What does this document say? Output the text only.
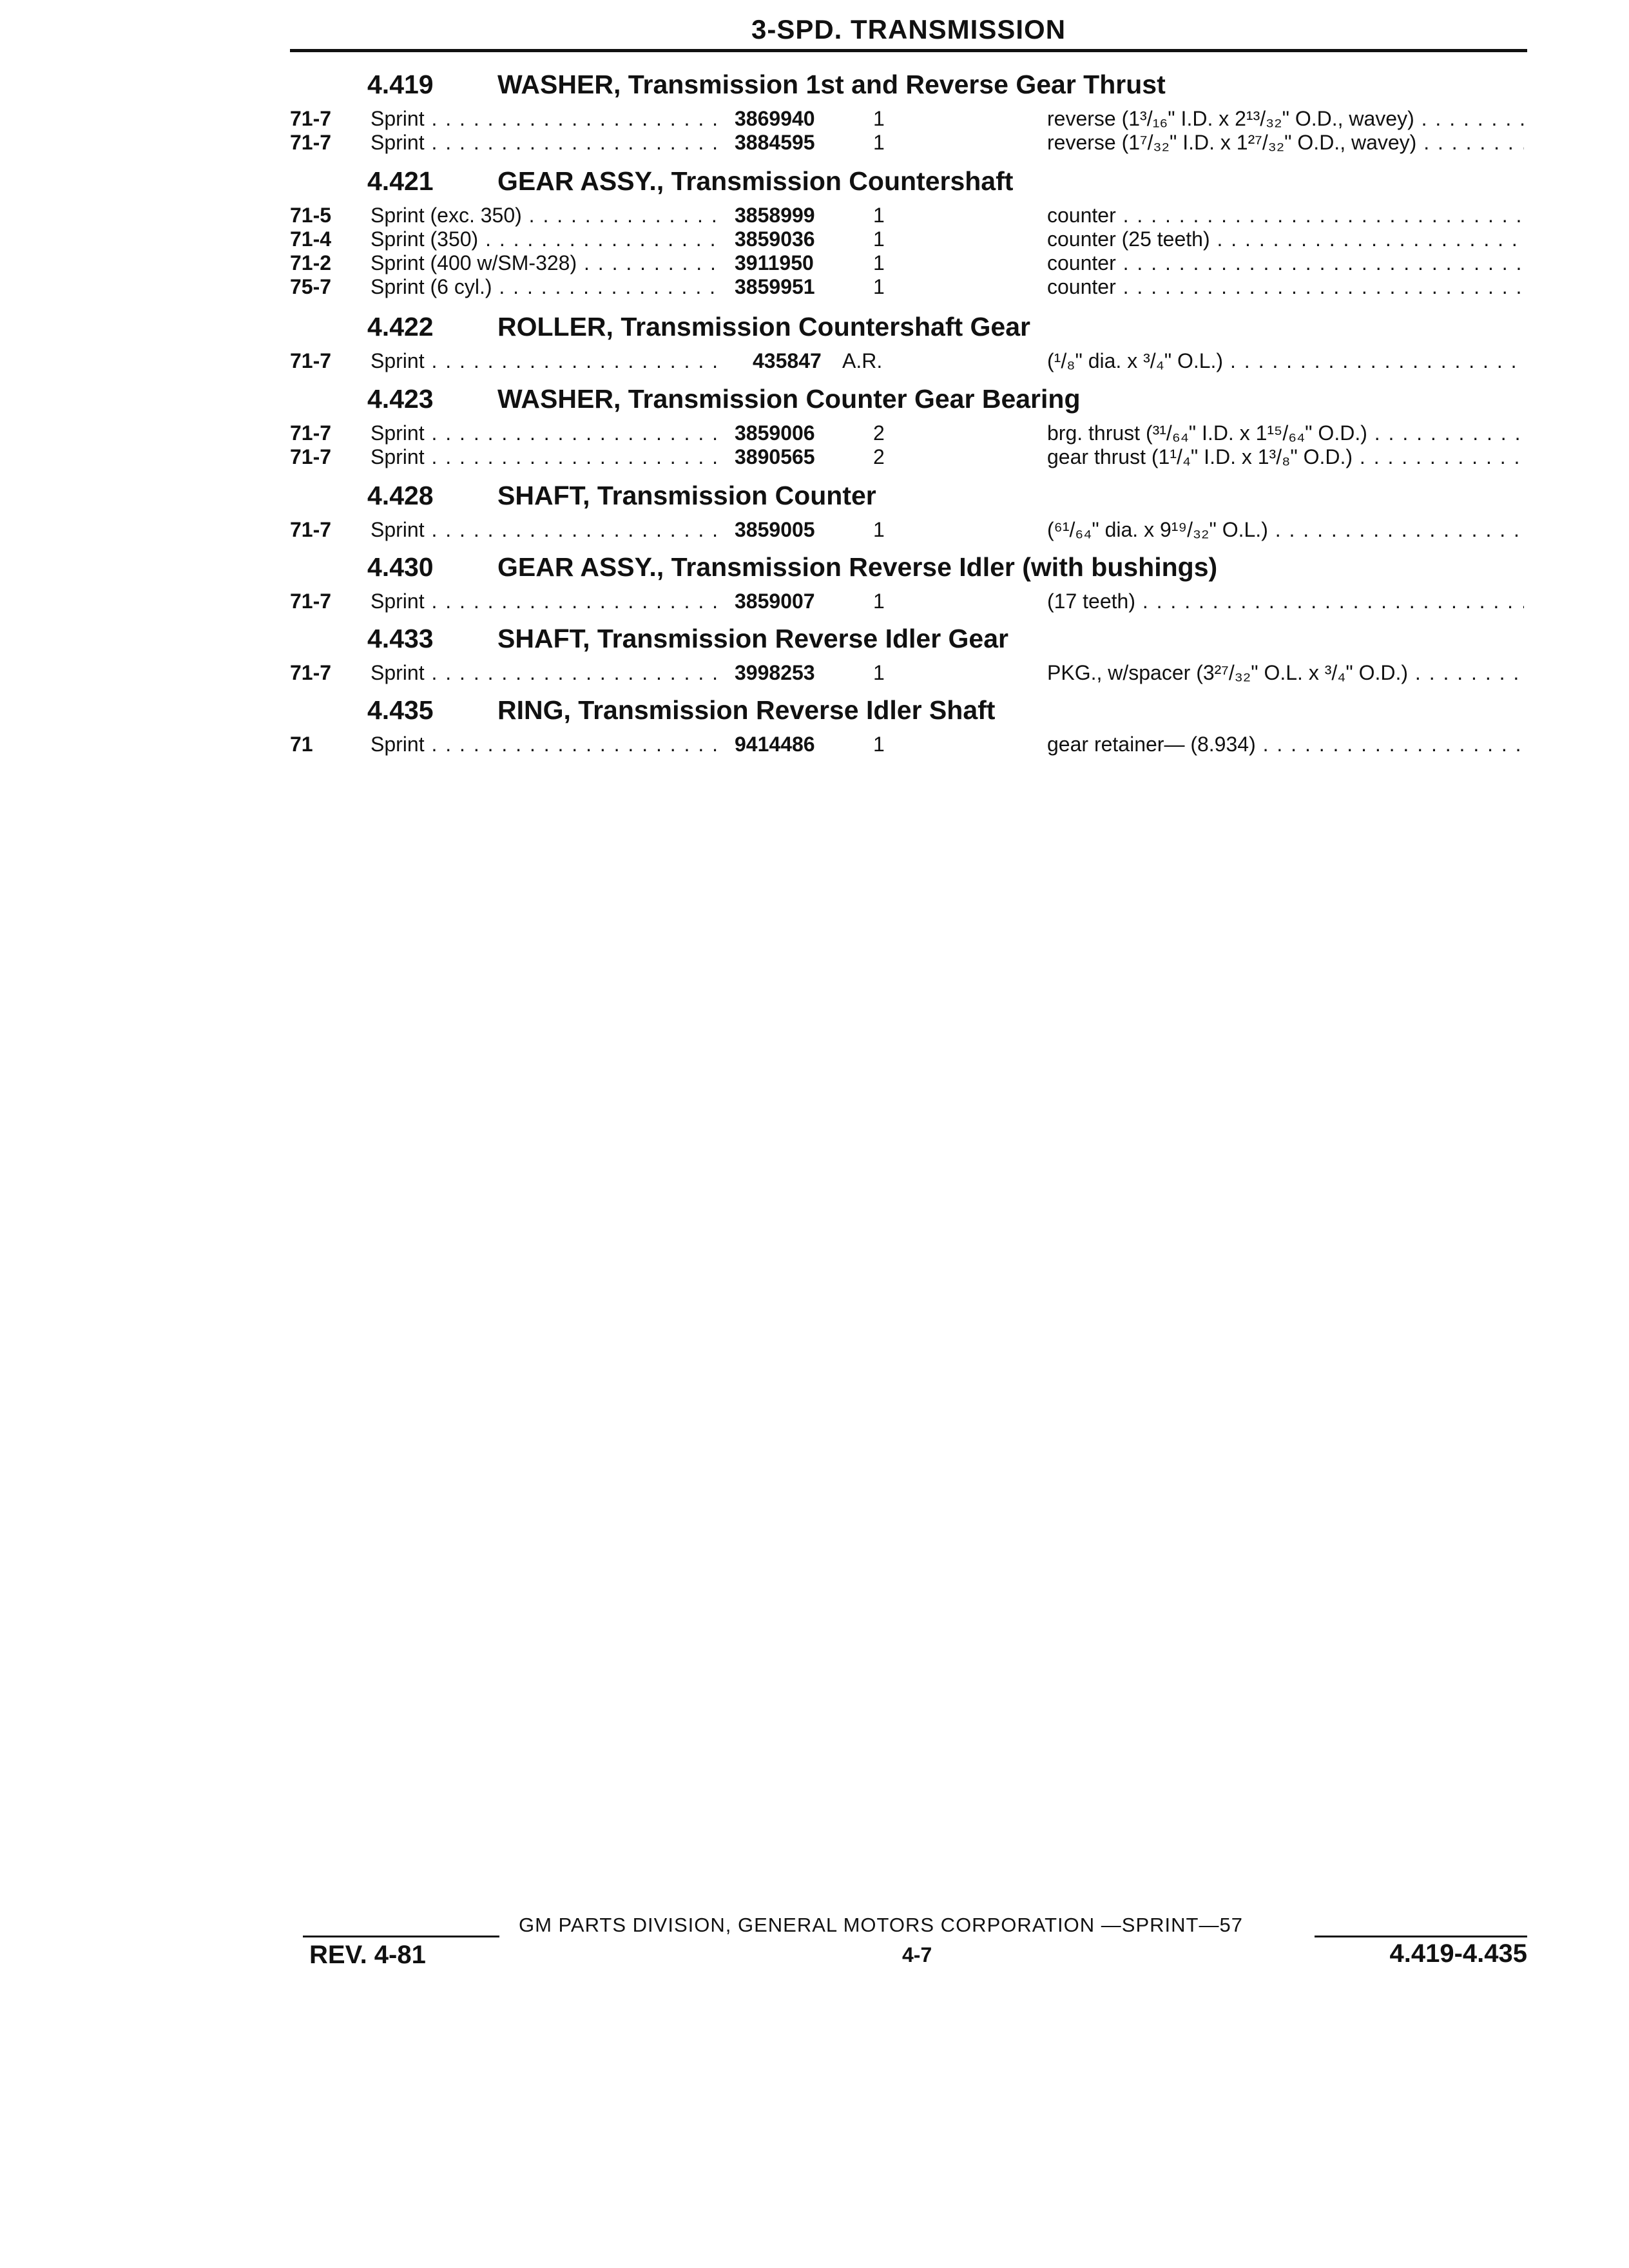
3-SPD. TRANSMISSION
4.419 WASHER, Transmission 1st and Reverse Gear Thrust
71-7 Sprint . . .	3869940	1	reverse (1³/₁₆" I.D. x 2¹³/₃₂" O.D., wavey) . . .
71-7 Sprint . . .	3884595	1	reverse (1⁷/₃₂" I.D. x 1²⁷/₃₂" O.D., wavey) . . .
4.421 GEAR ASSY., Transmission Countershaft
71-5 Sprint (exc. 350) . . .	3858999	1	counter . . .
71-4 Sprint (350) . . .	3859036	1	counter (25 teeth) . . .
71-2 Sprint (400 w/SM-328) . . .	3911950	1	counter . . .
75-7 Sprint (6 cyl.) . . .	3859951	1	counter . . .
4.422 ROLLER, Transmission Countershaft Gear
71-7 Sprint . . .	435847 A.R.	(¹/₈" dia. x ³/₄" O.L.) . . .
4.423 WASHER, Transmission Counter Gear Bearing
71-7 Sprint . . .	3859006	2	brg. thrust (³¹/₆₄" I.D. x 1¹⁵/₆₄" O.D.) . . .
71-7 Sprint . . .	3890565	2	gear thrust (1¹/₄" I.D. x 1³/₈" O.D.) . . .
4.428 SHAFT, Transmission Counter
71-7 Sprint . . .	3859005	1	(⁶¹/₆₄" dia. x 9¹⁹/₃₂" O.L.) . . .
4.430 GEAR ASSY., Transmission Reverse Idler (with bushings)
71-7 Sprint . . .	3859007	1	(17 teeth) . . .
4.433 SHAFT, Transmission Reverse Idler Gear
71-7 Sprint . . .	3998253	1	PKG., w/spacer (3²⁷/₃₂" O.L. x ³/₄" O.D.) . . .
4.435 RING, Transmission Reverse Idler Shaft
71	Sprint . . .	9414486	1	gear retainer— (8.934) . . .
GM PARTS DIVISION, GENERAL MOTORS CORPORATION —SPRINT—57
REV. 4-81	4-7	4.419-4.435
